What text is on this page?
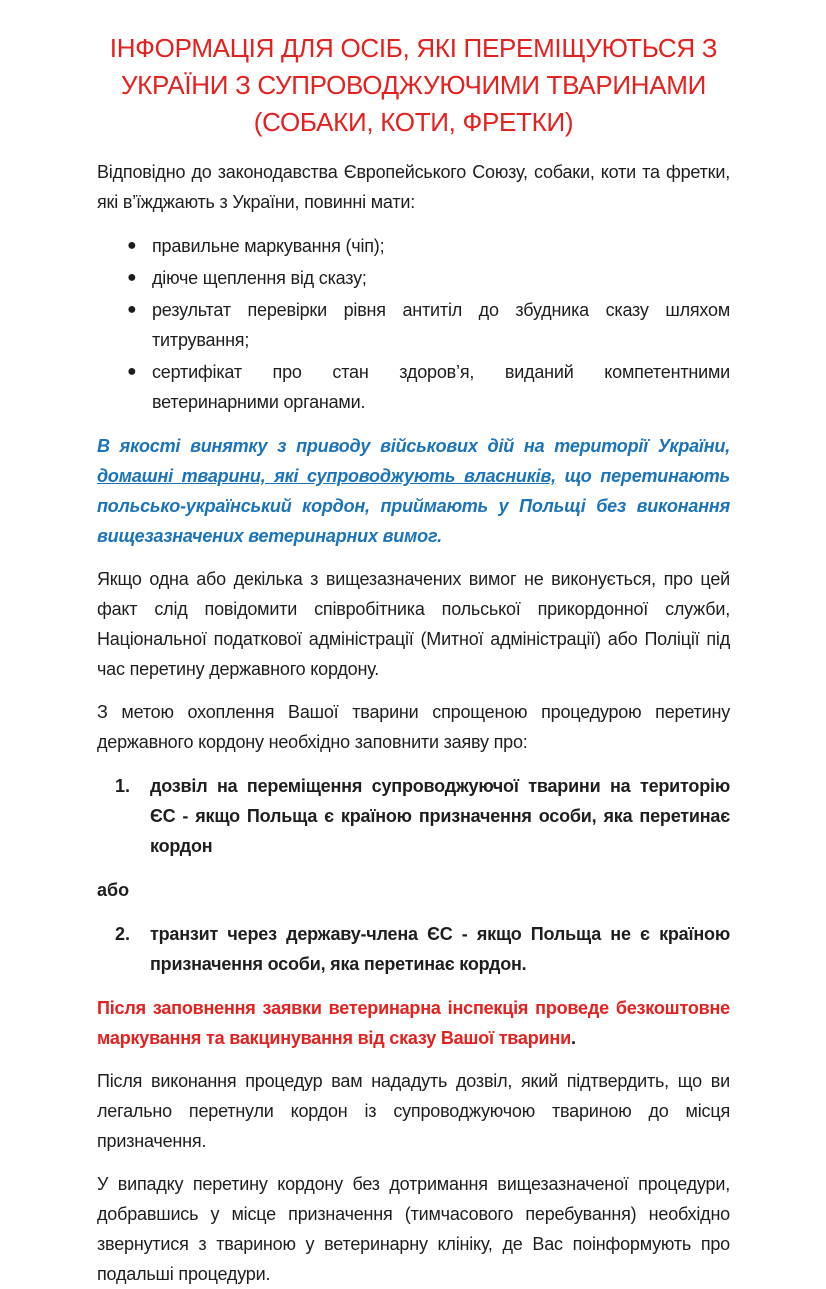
ІНФОРМАЦІЯ ДЛЯ ОСІБ, ЯКІ ПЕРЕМІЩУЮТЬСЯ З
УКРАЇНИ З СУПРОВОДЖУЮЧИМИ ТВАРИНАМИ
(СОБАКИ, КОТИ, ФРЕТКИ)

Відповідно до законодавства Європейського Союзу, собаки, коти та фретки, які в’їжджають з України, повинні мати:

● правильне маркування (чіп);
● діюче щеплення від сказу;
● результат перевірки рівня антитіл до збудника сказу шляхом титрування;
● сертифікат про стан здоров’я, виданий компетентними ветеринарними органами.

В якості винятку з приводу військових дій на території України, домашні тварини, які супроводжують власників, що перетинають польсько-український кордон, приймають у Польщі без виконання вищезазначених ветеринарних вимог.

Якщо одна або декілька з вищезазначених вимог не виконується, про цей факт слід повідомити співробітника польської прикордонної служби, Національної податкової адміністрації (Митної адміністрації) або Поліції під час перетину державного кордону.

З метою охоплення Вашої тварини спрощеною процедурою перетину державного кордону необхідно заповнити заяву про:

1.	дозвіл на переміщення супроводжуючої тварини на територію ЄС - якщо Польща є країною призначення особи, яка перетинає кордон

або

2.	транзит через державу-члена ЄС - якщо Польща не є країною призначення особи, яка перетинає кордон.

Після заповнення заявки ветеринарна інспекція проведе безкоштовне маркування та вакцинування від сказу Вашої тварини.

Після виконання процедур вам нададуть дозвіл, який підтвердить, що ви легально перетнули кордон із супроводжуючою твариною до місця призначення.

У випадку перетину кордону без дотримання вищезазначеної процедури, добравшись у місце призначення (тимчасового перебування) необхідно звернутися з твариною у ветеринарну клініку, де Вас поінформують про подальші процедури.
